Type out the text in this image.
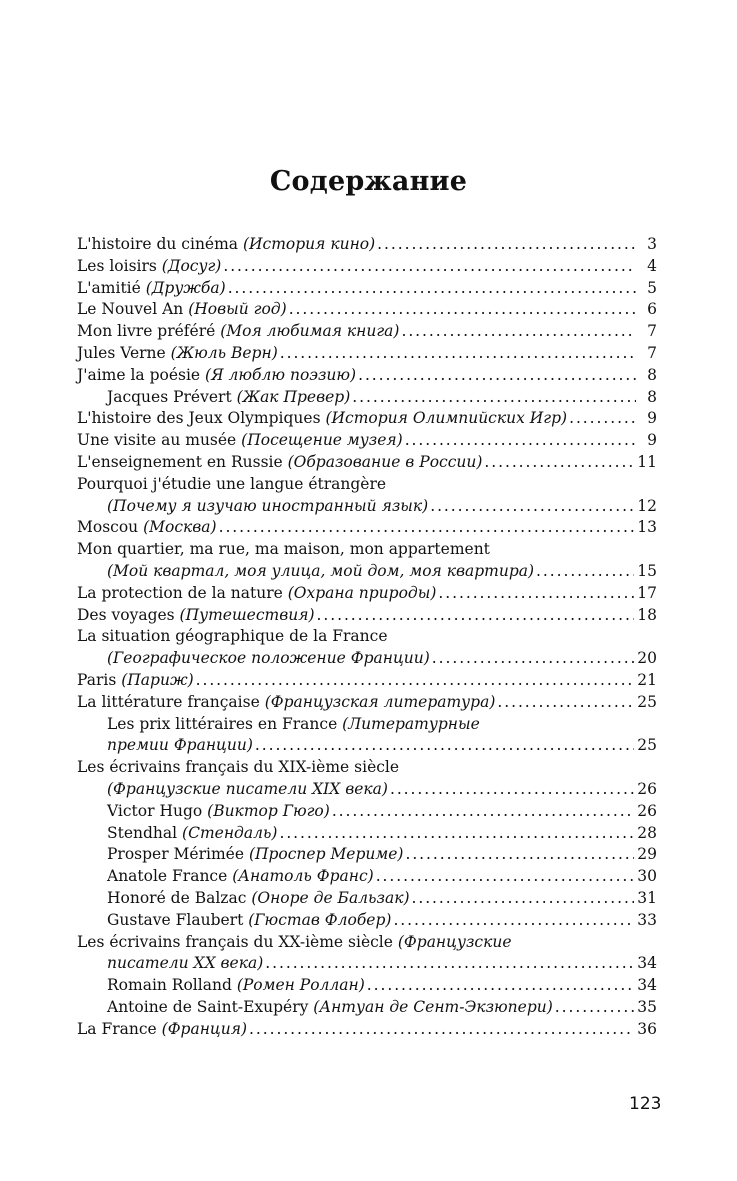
Содержание
L'histoire du cinéma (История кино) . . .	3
Les loisirs (Досуг) . . .	4
L'amitié (Дружба) . . .	5
Le Nouvel An (Новый год) . . .	6
Mon livre préféré (Моя любимая книга) . . .	7
Jules Verne (Жюль Верн) . . .	7
J'aime la poésie (Я люблю поэзию) . . .	8
Jacques Prévert (Жак Превер) . . .	8
L'histoire des Jeux Olympiques (История Олимпийских Игр) . . .	9
Une visite au musée (Посещение музея) . . .	9
L'enseignement en Russie (Образование в России) . . .	11
Pourquoi j'étudie une langue étrangère
(Почему я изучаю иностранный язык) . . .	12
Moscou (Москва) . . .	13
Mon quartier, ma rue, ma maison, mon appartement
(Мой квартал, моя улица, мой дом, моя квартира) . . .	15
La protection de la nature (Охрана природы) . . .	17
Des voyages (Путешествия) . . .	18
La situation géographique de la France
(Географическое положение Франции) . . .	20
Paris (Париж) . . .	21
La littérature française (Французская литература) . . .	25
Les prix littéraires en France (Литературные
премии Франции) . . .	25
Les écrivains français du XIX-ième siècle
(Французские писатели XIX века) . . .	26
Victor Hugo (Виктор Гюго) . . .	26
Stendhal (Стендаль) . . .	28
Prosper Mérimée (Проспер Мериме) . . .	29
Anatole France (Анатоль Франс) . . .	30
Honoré de Balzac (Оноре де Бальзак) . . .	31
Gustave Flaubert (Гюстав Флобер) . . .	33
Les écrivains français du XX-ième siècle (Французские
писатели XX века) . . .	34
Romain Rolland (Ромен Роллан) . . .	34
Antoine de Saint-Exupéry (Антуан де Сент-Экзюпери) . . .	35
La France (Франция) . . .	36
123
